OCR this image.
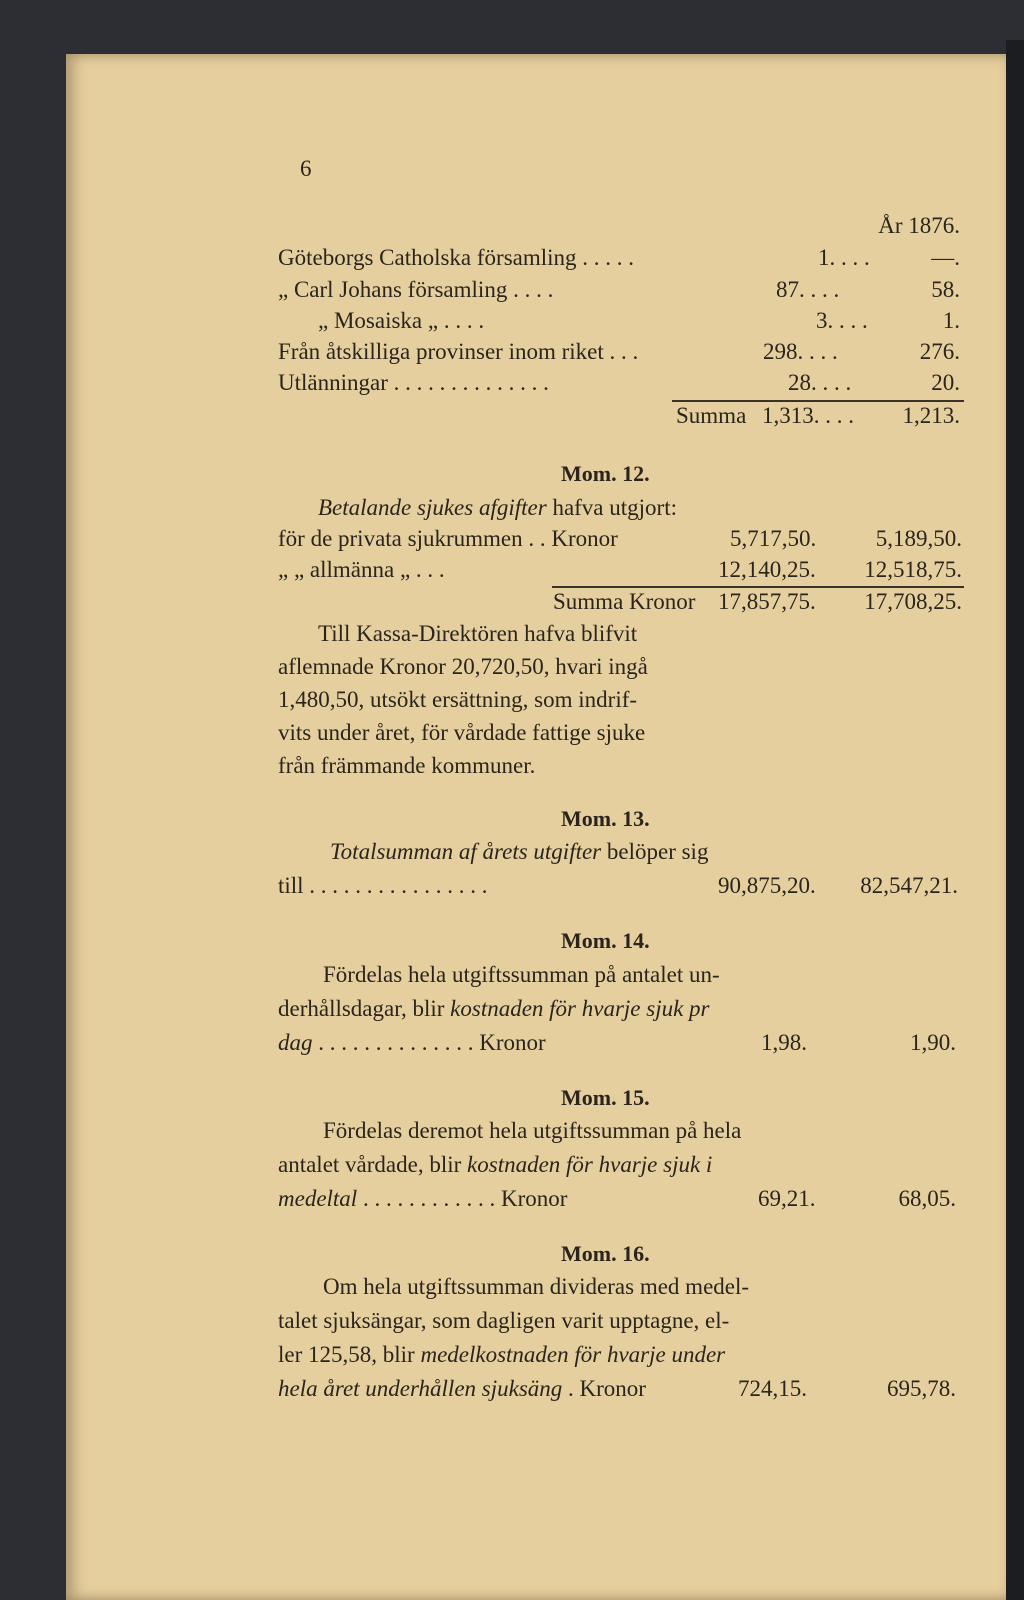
6
År 1876.
Göteborgs Catholska församling . . . . .	1. . . .	—.
„ Carl Johans församling . . . .	87. . . .	58.
„ Mosaiska „ . . . .	3. . . .	1.
Från åtskilliga provinser inom riket . . .	298. . . .	276.
Utlänningar . . . . . . . . . . . . . .	28. . . .	20.
Summa 1,313. . . .	1,213.
Mom. 12.
Betalande sjukes afgifter hafva utgjort:
för de privata sjukrummen . . Kronor	5,717,50.	5,189,50.
„ „ allmänna „ . . .	12,140,25.	12,518,75.
Summa Kronor 17,857,75.	17,708,25.
Till Kassa-Direktören hafva blifvit
aflemnade Kronor 20,720,50, hvari ingå
1,480,50, utsökt ersättning, som indrif-
vits under året, för vårdade fattige sjuke
från främmande kommuner.
Mom. 13.
Totalsumman af årets utgifter belöper sig
till . . . . . . . . . . . . . . . .	90,875,20.	82,547,21.
Mom. 14.
Fördelas hela utgiftssumman på antalet un-
derhållsdagar, blir kostnaden för hvarje sjuk pr
dag . . . . . . . . . . . . . . Kronor	1,98.	1,90.
Mom. 15.
Fördelas deremot hela utgiftssumman på hela
antalet vårdade, blir kostnaden för hvarje sjuk i
medeltal . . . . . . . . . . . . Kronor	69,21.	68,05.
Mom. 16.
Om hela utgiftssumman divideras med medel-
talet sjuksängar, som dagligen varit upptagne, el-
ler 125,58, blir medelkostnaden för hvarje under
hela året underhållen sjuksäng . Kronor	724,15.	695,78.
